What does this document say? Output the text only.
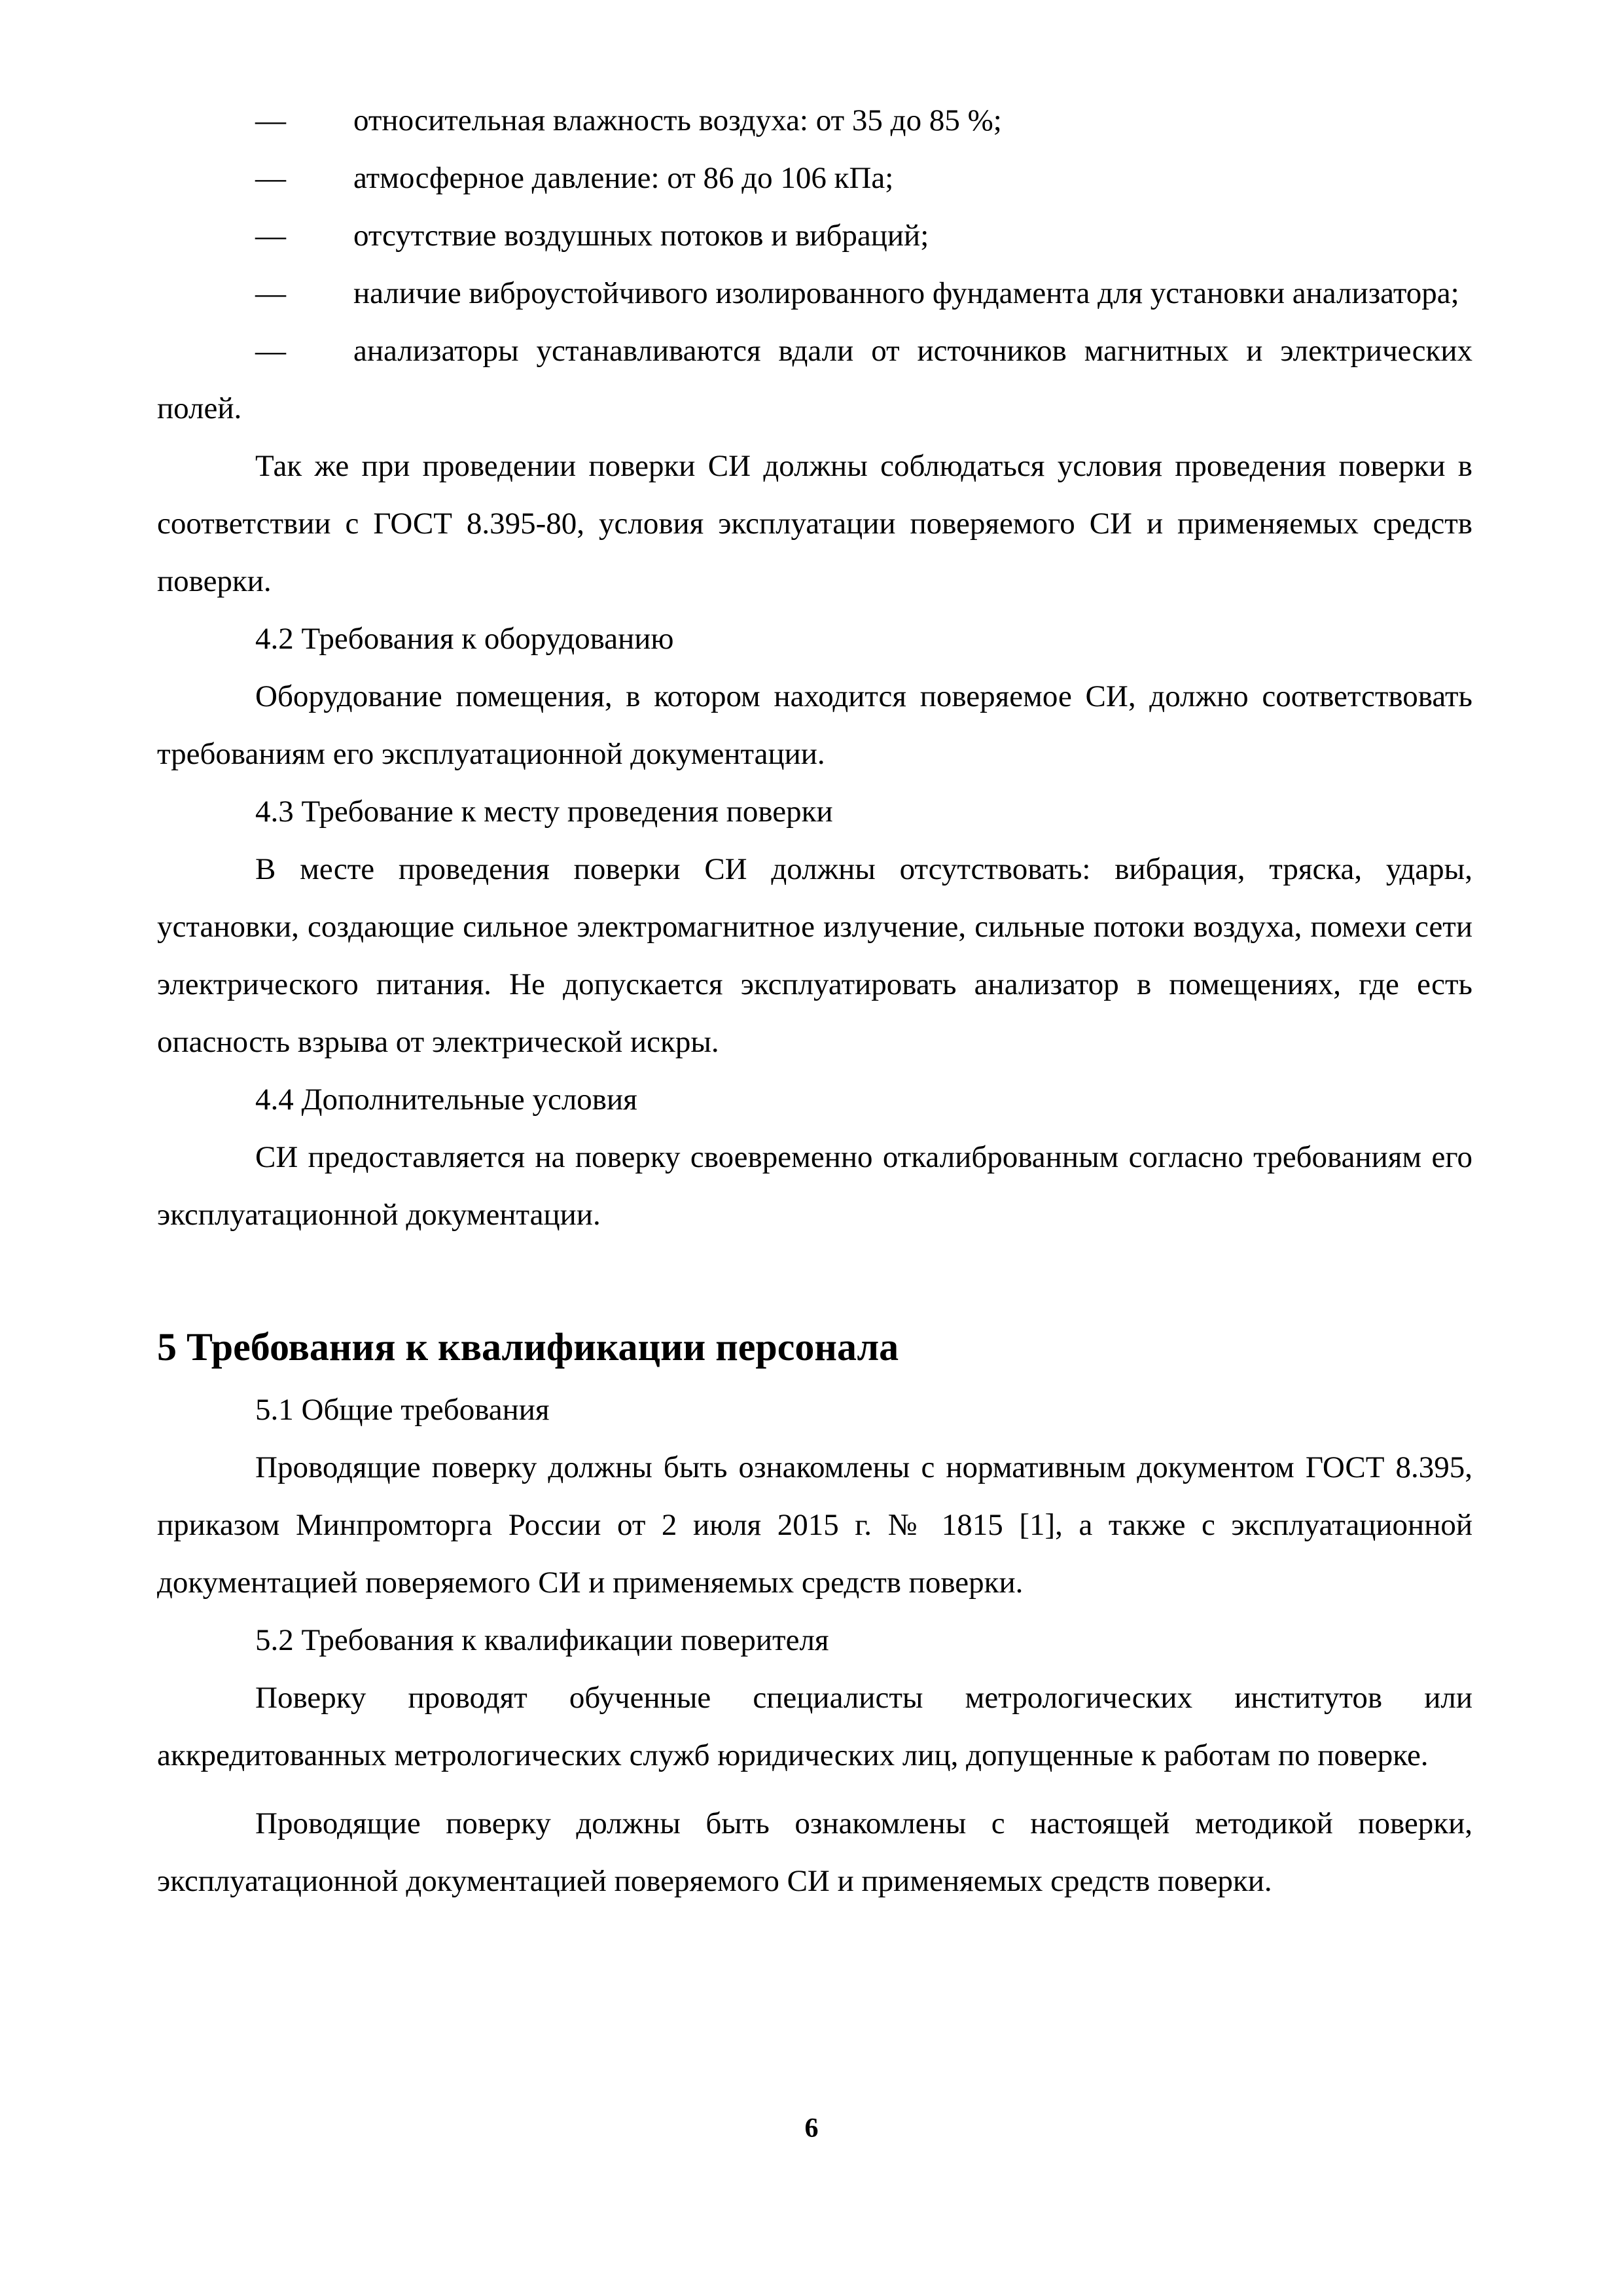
— относительная влажность воздуха: от 35 до 85 %;

— атмосферное давление: от 86 до 106 кПа;

— отсутствие воздушных потоков и вибраций;

— наличие виброустойчивого изолированного фундамента для установки анализатора;

— анализаторы устанавливаются вдали от источников магнитных и электрических полей.

Так же при проведении поверки СИ должны соблюдаться условия проведения поверки в соответствии с ГОСТ 8.395-80, условия эксплуатации поверяемого СИ и применяемых средств поверки.

4.2 Требования к оборудованию

Оборудование помещения, в котором находится поверяемое СИ, должно соответствовать требованиям его эксплуатационной документации.

4.3 Требование к месту проведения поверки

В месте проведения поверки СИ должны отсутствовать: вибрация, тряска, удары, установки, создающие сильное электромагнитное излучение, сильные потоки воздуха, помехи сети электрического питания. Не допускается эксплуатировать анализатор в помещениях, где есть опасность взрыва от электрической искры.

4.4 Дополнительные условия

СИ предоставляется на поверку своевременно откалиброванным согласно требованиям его эксплуатационной документации.

5 Требования к квалификации персонала

5.1 Общие требования

Проводящие поверку должны быть ознакомлены с нормативным документом ГОСТ 8.395, приказом Минпромторга России от 2 июля 2015 г. № 1815 [1], а также с эксплуатационной документацией поверяемого СИ и применяемых средств поверки.

5.2 Требования к квалификации поверителя

Поверку проводят обученные специалисты метрологических институтов или аккредитованных метрологических служб юридических лиц, допущенные к работам по поверке.

Проводящие поверку должны быть ознакомлены с настоящей методикой поверки, эксплуатационной документацией поверяемого СИ и применяемых средств поверки.

6
